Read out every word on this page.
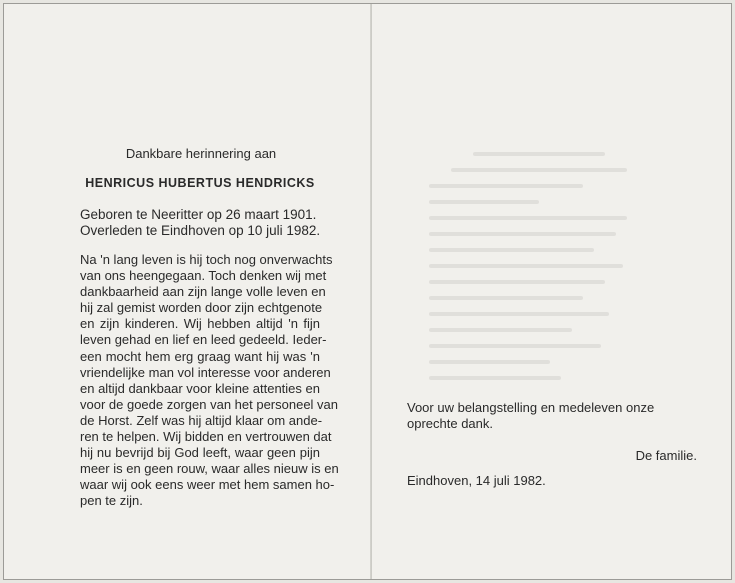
Dankbare herinnering aan

HENRICUS HUBERTUS HENDRICKS

Geboren te Neeritter op 26 maart 1901.
Overleden te Eindhoven op 10 juli 1982.

Na 'n lang leven is hij toch nog onverwachts
van ons heengegaan. Toch denken wij met
dankbaarheid aan zijn lange volle leven en
hij zal gemist worden door zijn echtgenote
en zijn kinderen. Wij hebben altijd 'n fijn
leven gehad en lief en leed gedeeld. Ieder-
een mocht hem erg graag want hij was 'n
vriendelijke man vol interesse voor anderen
en altijd dankbaar voor kleine attenties en
voor de goede zorgen van het personeel van
de Horst. Zelf was hij altijd klaar om ande-
ren te helpen. Wij bidden en vertrouwen dat
hij nu bevrijd bij God leeft, waar geen pijn
meer is en geen rouw, waar alles nieuw is en
waar wij ook eens weer met hem samen ho-
pen te zijn.

Voor uw belangstelling en medeleven onze
oprechte dank.

De familie.

Eindhoven, 14 juli 1982.
